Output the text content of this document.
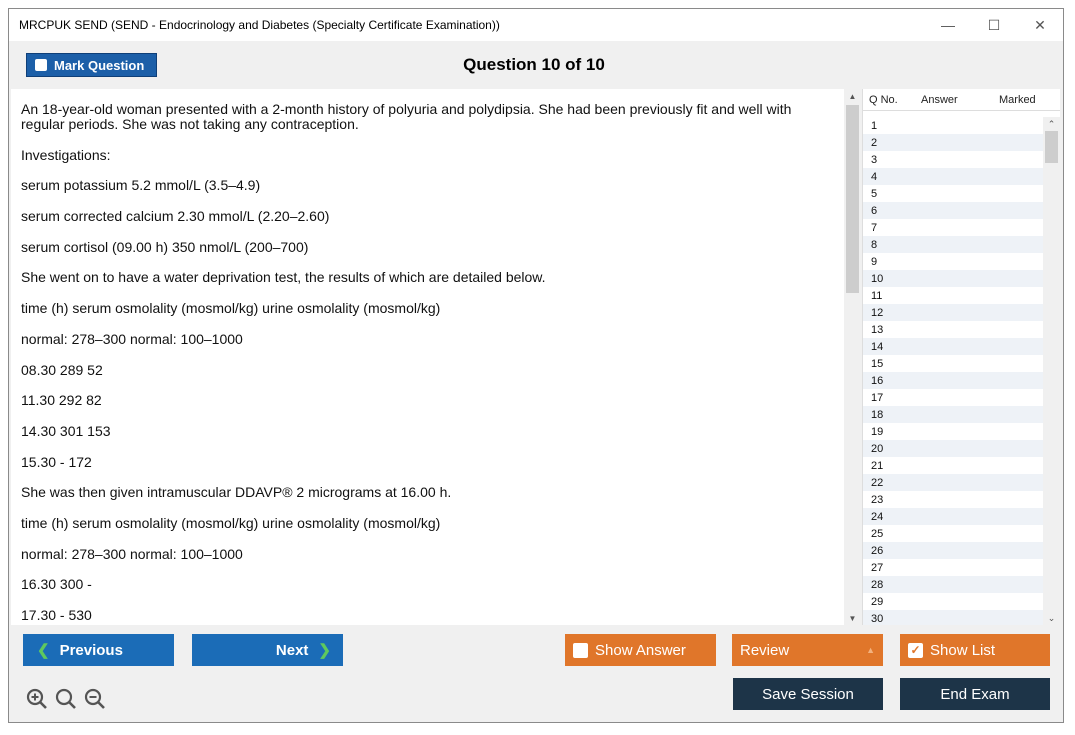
MRCPUK SEND (SEND - Endocrinology and Diabetes (Specialty Certificate Examination))	—	☐	✕
Mark Question	Question 10 of 10

An 18-year-old woman presented with a 2-month history of polyuria and polydipsia. She had been previously fit and well with regular periods. She was not taking any contraception.

Investigations:

serum potassium 5.2 mmol/L (3.5–4.9)

serum corrected calcium 2.30 mmol/L (2.20–2.60)

serum cortisol (09.00 h) 350 nmol/L (200–700)

She went on to have a water deprivation test, the results of which are detailed below.

time (h) serum osmolality (mosmol/kg) urine osmolality (mosmol/kg)

normal: 278–300 normal: 100–1000

08.30 289 52

11.30 292 82

14.30 301 153

15.30 - 172

She was then given intramuscular DDAVP® 2 micrograms at 16.00 h.

time (h) serum osmolality (mosmol/kg) urine osmolality (mosmol/kg)

normal: 278–300 normal: 100–1000

16.30 300 -

17.30 - 530

▲
▼
Q No.	Answer	Marked
1
2
3
4
5
6
7
8
9
10
11
12
13
14
15
16
17
18
19
20
21
22
23
24
25
26
27
28
29
30
⌃
⌄
❮ Previous	Next ❯	Show Answer	Review	▲	✓ Show List
Save Session	End Exam
